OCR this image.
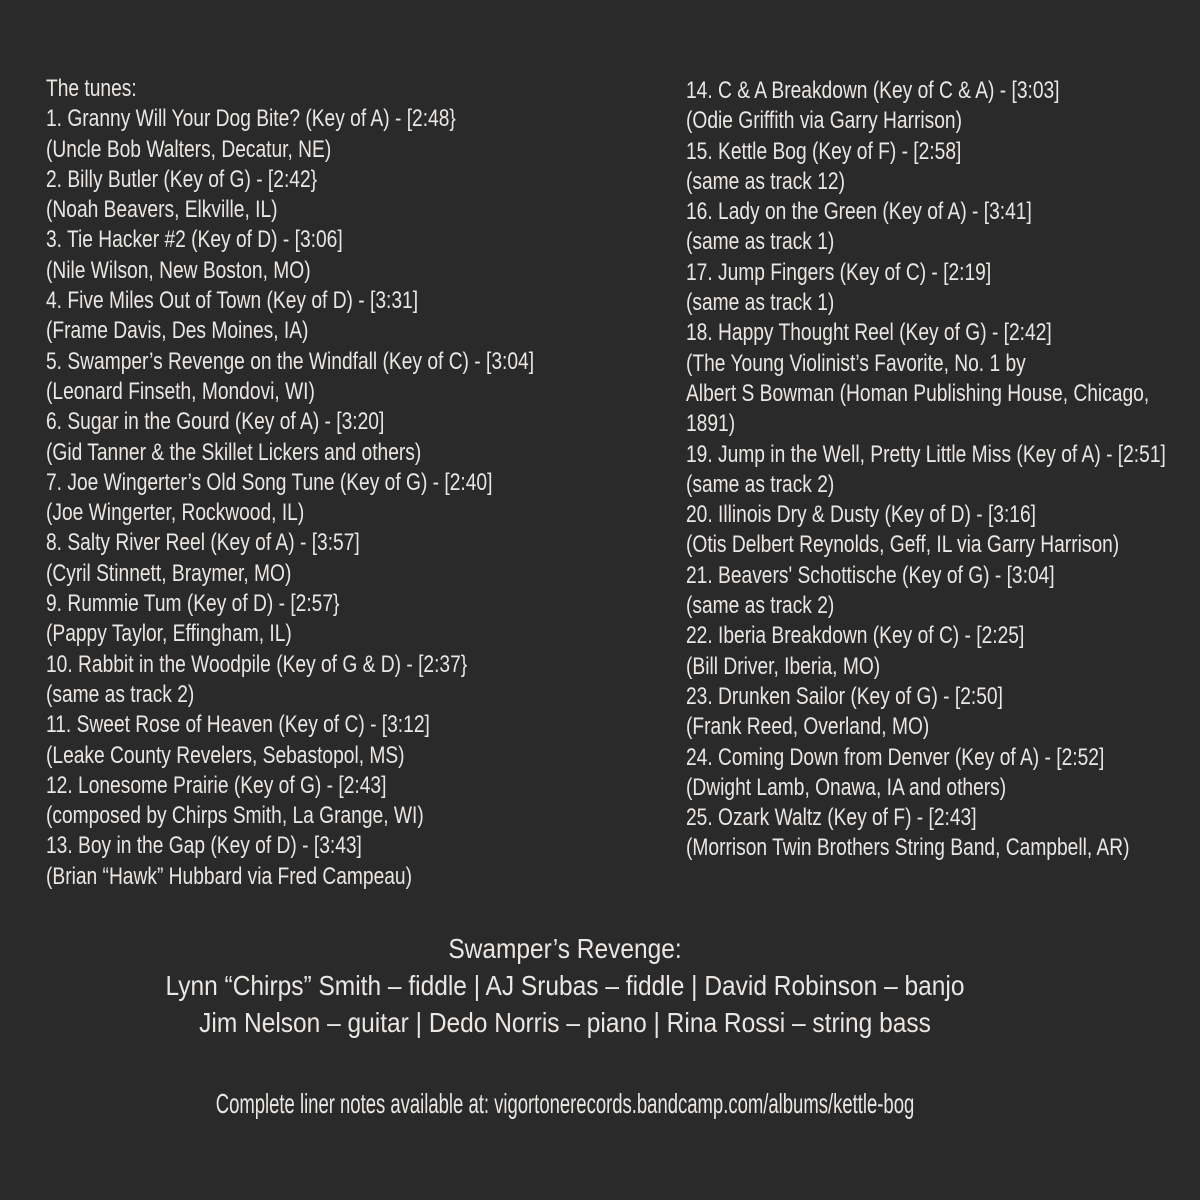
The tunes:
1. Granny Will Your Dog Bite? (Key of A) - [2:48}
(Uncle Bob Walters, Decatur, NE)
2. Billy Butler (Key of G) - [2:42}
(Noah Beavers, Elkville, IL)
3. Tie Hacker #2 (Key of D) - [3:06]
(Nile Wilson, New Boston, MO)
4. Five Miles Out of Town (Key of D) - [3:31]
(Frame Davis, Des Moines, IA)
5. Swamper’s Revenge on the Windfall (Key of C) - [3:04]
(Leonard Finseth, Mondovi, WI)
6. Sugar in the Gourd (Key of A) - [3:20]
(Gid Tanner & the Skillet Lickers and others)
7. Joe Wingerter’s Old Song Tune (Key of G) - [2:40]
(Joe Wingerter, Rockwood, IL)
8. Salty River Reel (Key of A) - [3:57]
(Cyril Stinnett, Braymer, MO)
9. Rummie Tum (Key of D) - [2:57}
(Pappy Taylor, Effingham, IL)
10. Rabbit in the Woodpile (Key of G & D) - [2:37}
(same as track 2)
11. Sweet Rose of Heaven (Key of C) - [3:12]
(Leake County Revelers, Sebastopol, MS)
12. Lonesome Prairie (Key of G) - [2:43]
(composed by Chirps Smith, La Grange, WI)
13. Boy in the Gap (Key of D) - [3:43]
(Brian “Hawk” Hubbard via Fred Campeau)
14. C & A Breakdown (Key of C & A) - [3:03]
(Odie Griffith via Garry Harrison)
15. Kettle Bog (Key of F) - [2:58]
(same as track 12)
16. Lady on the Green (Key of A) - [3:41]
(same as track 1)
17. Jump Fingers (Key of C) - [2:19]
(same as track 1)
18. Happy Thought Reel (Key of G) - [2:42]
(The Young Violinist’s Favorite, No. 1 by
Albert S Bowman (Homan Publishing House, Chicago,
1891)
19. Jump in the Well, Pretty Little Miss (Key of A) - [2:51]
(same as track 2)
20. Illinois Dry & Dusty (Key of D) - [3:16]
(Otis Delbert Reynolds, Geff, IL via Garry Harrison)
21. Beavers' Schottische (Key of G) - [3:04]
(same as track 2)
22. Iberia Breakdown (Key of C) - [2:25]
(Bill Driver, Iberia, MO)
23. Drunken Sailor (Key of G) - [2:50]
(Frank Reed, Overland, MO)
24. Coming Down from Denver (Key of A) - [2:52]
(Dwight Lamb, Onawa, IA and others)
25. Ozark Waltz (Key of F) - [2:43]
(Morrison Twin Brothers String Band, Campbell, AR)
Swamper’s Revenge:
Lynn “Chirps” Smith – fiddle | AJ Srubas – fiddle | David Robinson – banjo
Jim Nelson – guitar | Dedo Norris – piano | Rina Rossi – string bass
Complete liner notes available at: vigortonerecords.bandcamp.com/albums/kettle-bog
